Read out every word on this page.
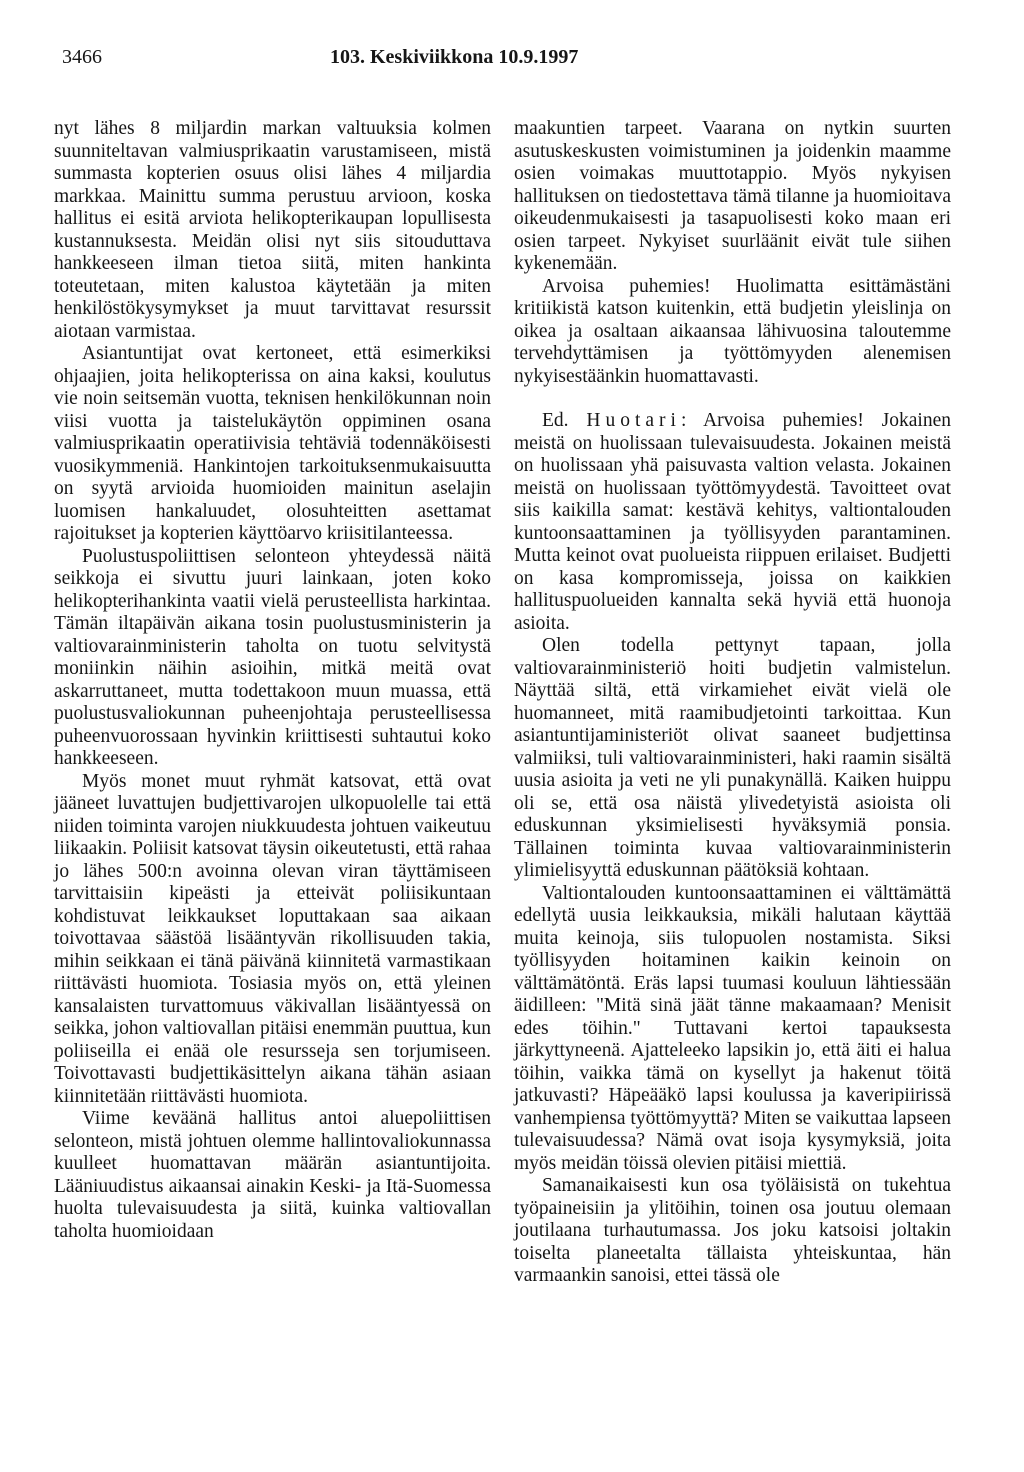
3466	103. Keskiviikkona 10.9.1997

nyt lähes 8 miljardin markan valtuuksia kolmen suunniteltavan valmiusprikaatin varustamiseen, mistä summasta kopterien osuus olisi lähes 4 miljardia markkaa. Mainittu summa perustuu arvioon, koska hallitus ei esitä arviota helikopterikaupan lopullisesta kustannuksesta. Meidän olisi nyt siis sitouduttava hankkeeseen ilman tietoa siitä, miten hankinta toteutetaan, miten kalustoa käytetään ja miten henkilöstökysymykset ja muut tarvittavat resurssit aiotaan varmistaa.

Asiantuntijat ovat kertoneet, että esimerkiksi ohjaajien, joita helikopterissa on aina kaksi, koulutus vie noin seitsemän vuotta, teknisen henkilökunnan noin viisi vuotta ja taistelukäytön oppiminen osana valmiusprikaatin operatiivisia tehtäviä todennäköisesti vuosikymmeniä. Hankintojen tarkoituksenmukaisuutta on syytä arvioida huomioiden mainitun aselajin luomisen hankaluudet, olosuhteitten asettamat rajoitukset ja kopterien käyttöarvo kriisitilanteessa.

Puolustuspoliittisen selonteon yhteydessä näitä seikkoja ei sivuttu juuri lainkaan, joten koko helikopterihankinta vaatii vielä perusteellista harkintaa. Tämän iltapäivän aikana tosin puolustusministerin ja valtiovarainministerin taholta on tuotu selvitystä moniinkin näihin asioihin, mitkä meitä ovat askarruttaneet, mutta todettakoon muun muassa, että puolustusvaliokunnan puheenjohtaja perusteellisessa puheenvuorossaan hyvinkin kriittisesti suhtautui koko hankkeeseen.

Myös monet muut ryhmät katsovat, että ovat jääneet luvattujen budjettivarojen ulkopuolelle tai että niiden toiminta varojen niukkuudesta johtuen vaikeutuu liikaakin. Poliisit katsovat täysin oikeutetusti, että rahaa jo lähes 500:n avoinna olevan viran täyttämiseen tarvittaisiin kipeästi ja etteivät poliisikuntaan kohdistuvat leikkaukset loputtakaan saa aikaan toivottavaa säästöä lisääntyvän rikollisuuden takia, mihin seikkaan ei tänä päivänä kiinnitetä varmastikaan riittävästi huomiota. Tosiasia myös on, että yleinen kansalaisten turvattomuus väkivallan lisääntyessä on seikka, johon valtiovallan pitäisi enemmän puuttua, kun poliiseilla ei enää ole resursseja sen torjumiseen. Toivottavasti budjettikäsittelyn aikana tähän asiaan kiinnitetään riittävästi huomiota.

Viime keväänä hallitus antoi aluepoliittisen selonteon, mistä johtuen olemme hallintovaliokunnassa kuulleet huomattavan määrän asiantuntijoita. Lääniuudistus aikaansai ainakin Keski- ja Itä-Suomessa huolta tulevaisuudesta ja siitä, kuinka valtiovallan taholta huomioidaan

maakuntien tarpeet. Vaarana on nytkin suurten asutuskeskusten voimistuminen ja joidenkin maamme osien voimakas muuttotappio. Myös nykyisen hallituksen on tiedostettava tämä tilanne ja huomioitava oikeudenmukaisesti ja tasapuolisesti koko maan eri osien tarpeet. Nykyiset suurläänit eivät tule siihen kykenemään.

Arvoisa puhemies! Huolimatta esittämästäni kritiikistä katson kuitenkin, että budjetin yleislinja on oikea ja osaltaan aikaansaa lähivuosina taloutemme tervehdyttämisen ja työttömyyden alenemisen nykyisestäänkin huomattavasti.

Ed. Huotari: Arvoisa puhemies! Jokainen meistä on huolissaan tulevaisuudesta. Jokainen meistä on huolissaan yhä paisuvasta valtion velasta. Jokainen meistä on huolissaan työttömyydestä. Tavoitteet ovat siis kaikilla samat: kestävä kehitys, valtiontalouden kuntoonsaattaminen ja työllisyyden parantaminen. Mutta keinot ovat puolueista riippuen erilaiset. Budjetti on kasa kompromisseja, joissa on kaikkien hallituspuolueiden kannalta sekä hyviä että huonoja asioita.

Olen todella pettynyt tapaan, jolla valtiovarainministeriö hoiti budjetin valmistelun. Näyttää siltä, että virkamiehet eivät vielä ole huomanneet, mitä raamibudjetointi tarkoittaa. Kun asiantuntijaministeriöt olivat saaneet budjettinsa valmiiksi, tuli valtiovarainministeri, haki raamin sisältä uusia asioita ja veti ne yli punakynällä. Kaiken huippu oli se, että osa näistä ylivedetyistä asioista oli eduskunnan yksimielisesti hyväksymiä ponsia. Tällainen toiminta kuvaa valtiovarainministerin ylimielisyyttä eduskunnan päätöksiä kohtaan.

Valtiontalouden kuntoonsaattaminen ei välttämättä edellytä uusia leikkauksia, mikäli halutaan käyttää muita keinoja, siis tulopuolen nostamista. Siksi työllisyyden hoitaminen kaikin keinoin on välttämätöntä. Eräs lapsi tuumasi kouluun lähtiessään äidilleen: "Mitä sinä jäät tänne makaamaan? Menisit edes töihin." Tuttavani kertoi tapauksesta järkyttyneenä. Ajatteleeko lapsikin jo, että äiti ei halua töihin, vaikka tämä on kysellyt ja hakenut töitä jatkuvasti? Häpeääkö lapsi koulussa ja kaveripiirissä vanhempiensa työttömyyttä? Miten se vaikuttaa lapseen tulevaisuudessa? Nämä ovat isoja kysymyksiä, joita myös meidän töissä olevien pitäisi miettiä.

Samanaikaisesti kun osa työläisistä on tukehtua työpaineisiin ja ylitöihin, toinen osa joutuu olemaan joutilaana turhautumassa. Jos joku katsoisi joltakin toiselta planeetalta tällaista yhteiskuntaa, hän varmaankin sanoisi, ettei tässä ole
